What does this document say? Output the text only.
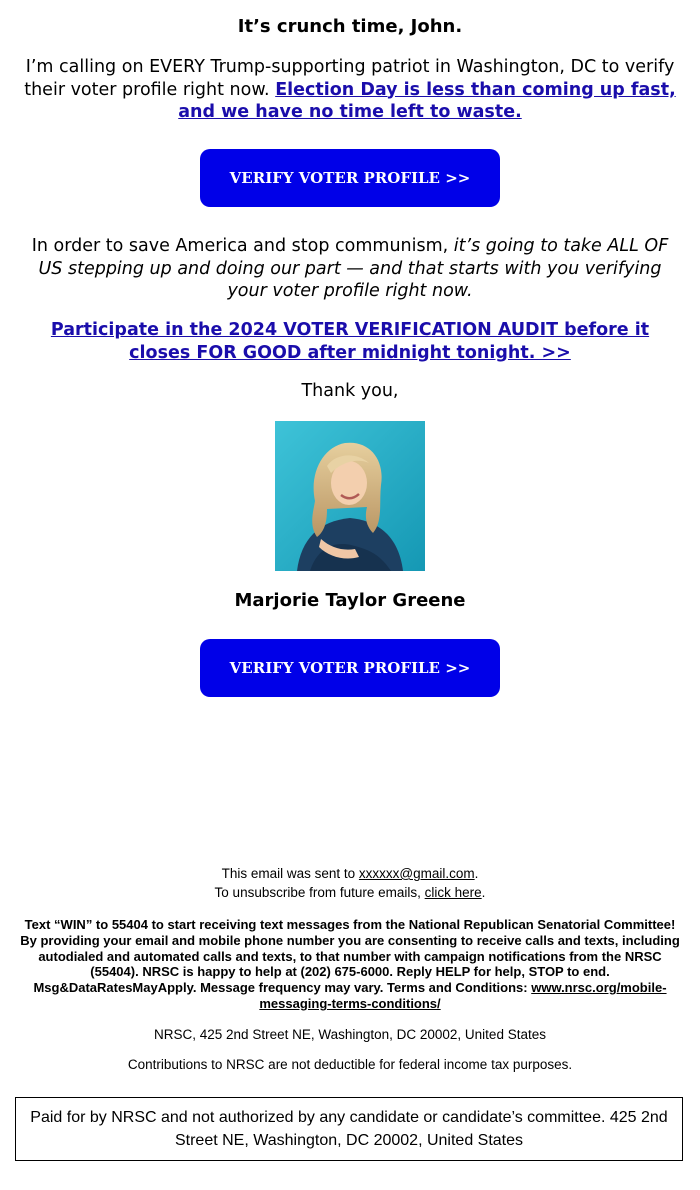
It’s crunch time, John.

I’m calling on EVERY Trump-supporting patriot in Washington, DC to verify their voter profile right now. Election Day is less than coming up fast, and we have no time left to waste.

VERIFY VOTER PROFILE >>

In order to save America and stop communism, it’s going to take ALL OF US stepping up and doing our part — and that starts with you verifying your voter profile right now.

Participate in the 2024 VOTER VERIFICATION AUDIT before it closes FOR GOOD after midnight tonight. >>

Thank you,

Marjorie Taylor Greene

VERIFY VOTER PROFILE >>

This email was sent to xxxxxx@gmail.com.
To unsubscribe from future emails, click here.

Text “WIN” to 55404 to start receiving text messages from the National Republican Senatorial Committee! By providing your email and mobile phone number you are consenting to receive calls and texts, including autodialed and automated calls and texts, to that number with campaign notifications from the NRSC (55404). NRSC is happy to help at (202) 675-6000. Reply HELP for help, STOP to end. Msg&DataRatesMayApply. Message frequency may vary. Terms and Conditions: www.nrsc.org/mobile-messaging-terms-conditions/

NRSC, 425 2nd Street NE, Washington, DC 20002, United States

Contributions to NRSC are not deductible for federal income tax purposes.

Paid for by NRSC and not authorized by any candidate or candidate’s committee. 425 2nd Street NE, Washington, DC 20002, United States
